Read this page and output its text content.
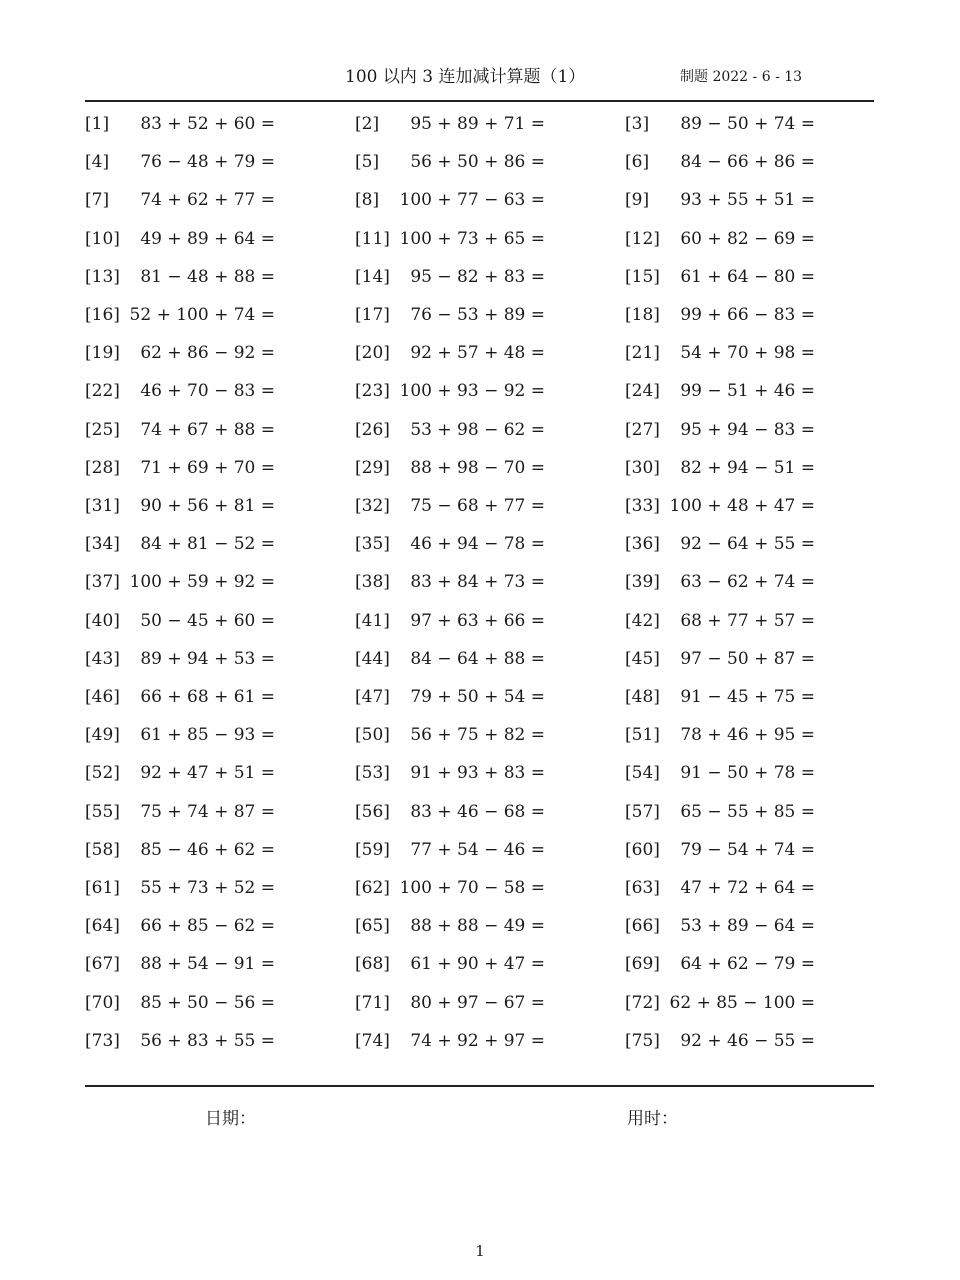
100 以内 3 连加减计算题（1）	制题 2022 - 6 - 13
[1] 83 + 52 + 60 =	[2] 95 + 89 + 71 =	[3] 89 − 50 + 74 =
[4] 76 − 48 + 79 =	[5] 56 + 50 + 86 =	[6] 84 − 66 + 86 =
[7] 74 + 62 + 77 =	[8] 100 + 77 − 63 =	[9] 93 + 55 + 51 =
[10] 49 + 89 + 64 =	[11] 100 + 73 + 65 =	[12] 60 + 82 − 69 =
[13] 81 − 48 + 88 =	[14] 95 − 82 + 83 =	[15] 61 + 64 − 80 =
[16] 52 + 100 + 74 =	[17] 76 − 53 + 89 =	[18] 99 + 66 − 83 =
[19] 62 + 86 − 92 =	[20] 92 + 57 + 48 =	[21] 54 + 70 + 98 =
[22] 46 + 70 − 83 =	[23] 100 + 93 − 92 =	[24] 99 − 51 + 46 =
[25] 74 + 67 + 88 =	[26] 53 + 98 − 62 =	[27] 95 + 94 − 83 =
[28] 71 + 69 + 70 =	[29] 88 + 98 − 70 =	[30] 82 + 94 − 51 =
[31] 90 + 56 + 81 =	[32] 75 − 68 + 77 =	[33] 100 + 48 + 47 =
[34] 84 + 81 − 52 =	[35] 46 + 94 − 78 =	[36] 92 − 64 + 55 =
[37] 100 + 59 + 92 =	[38] 83 + 84 + 73 =	[39] 63 − 62 + 74 =
[40] 50 − 45 + 60 =	[41] 97 + 63 + 66 =	[42] 68 + 77 + 57 =
[43] 89 + 94 + 53 =	[44] 84 − 64 + 88 =	[45] 97 − 50 + 87 =
[46] 66 + 68 + 61 =	[47] 79 + 50 + 54 =	[48] 91 − 45 + 75 =
[49] 61 + 85 − 93 =	[50] 56 + 75 + 82 =	[51] 78 + 46 + 95 =
[52] 92 + 47 + 51 =	[53] 91 + 93 + 83 =	[54] 91 − 50 + 78 =
[55] 75 + 74 + 87 =	[56] 83 + 46 − 68 =	[57] 65 − 55 + 85 =
[58] 85 − 46 + 62 =	[59] 77 + 54 − 46 =	[60] 79 − 54 + 74 =
[61] 55 + 73 + 52 =	[62] 100 + 70 − 58 =	[63] 47 + 72 + 64 =
[64] 66 + 85 − 62 =	[65] 88 + 88 − 49 =	[66] 53 + 89 − 64 =
[67] 88 + 54 − 91 =	[68] 61 + 90 + 47 =	[69] 64 + 62 − 79 =
[70] 85 + 50 − 56 =	[71] 80 + 97 − 67 =	[72] 62 + 85 − 100 =
[73] 56 + 83 + 55 =	[74] 74 + 92 + 97 =	[75] 92 + 46 − 55 =
日期：	用时：
1
